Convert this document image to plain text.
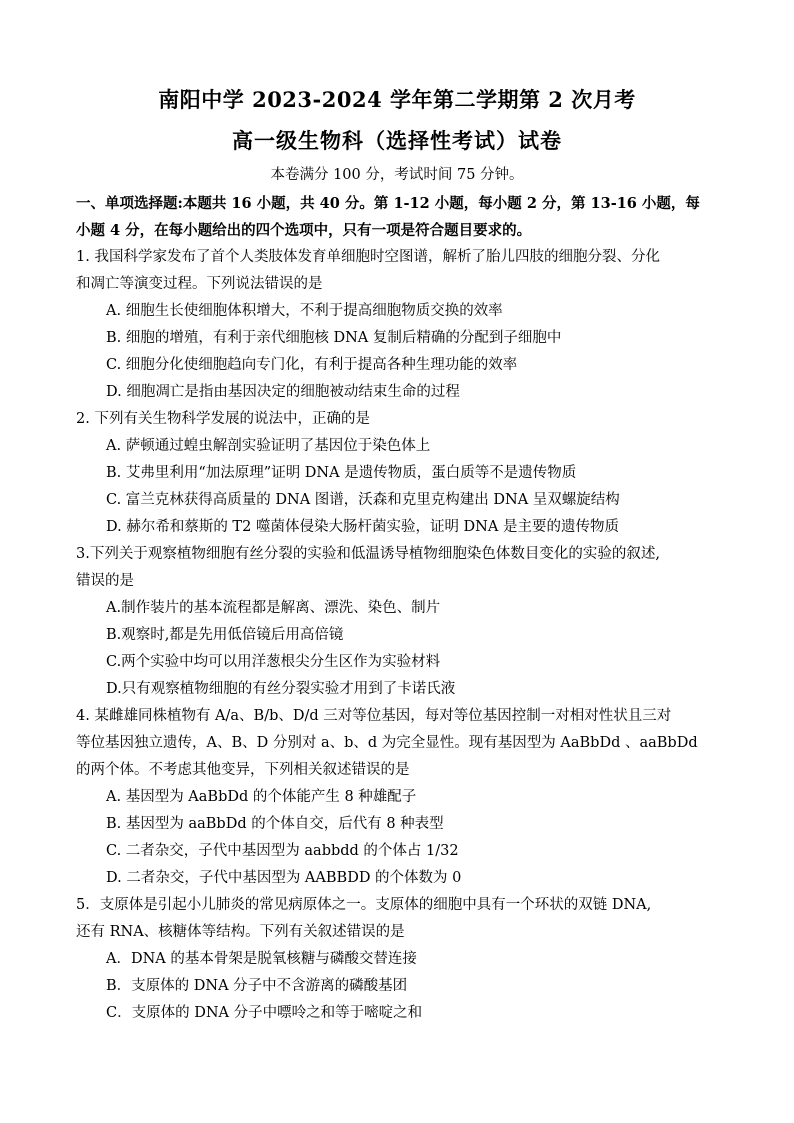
南阳中学 2023-2024 学年第二学期第 2 次月考
高一级生物科（选择性考试）试卷
本卷满分 100 分，考试时间 75 分钟。
一、单项选择题:本题共 16 小题，共 40 分。第 1-12 小题，每小题 2 分，第 13-16 小题，每
小题 4 分，在每小题给出的四个选项中，只有一项是符合题目要求的。
1. 我国科学家发布了首个人类肢体发育单细胞时空图谱，解析了胎儿四肢的细胞分裂、分化
和凋亡等演变过程。下列说法错误的是
A. 细胞生长使细胞体积增大，不利于提高细胞物质交换的效率
B. 细胞的增殖，有利于亲代细胞核 DNA 复制后精确的分配到子细胞中
C. 细胞分化使细胞趋向专门化，有利于提高各种生理功能的效率
D. 细胞凋亡是指由基因决定的细胞被动结束生命的过程
2. 下列有关生物科学发展的说法中，正确的是
A. 萨顿通过蝗虫解剖实验证明了基因位于染色体上
B. 艾弗里利用“加法原理”证明 DNA 是遗传物质，蛋白质等不是遗传物质
C. 富兰克林获得高质量的 DNA 图谱，沃森和克里克构建出 DNA 呈双螺旋结构
D. 赫尔希和蔡斯的 T2 噬菌体侵染大肠杆菌实验，证明 DNA 是主要的遗传物质
3.下列关于观察植物细胞有丝分裂的实验和低温诱导植物细胞染色体数目变化的实验的叙述,
错误的是
A.制作装片的基本流程都是解离、漂洗、染色、制片
B.观察时,都是先用低倍镜后用高倍镜
C.两个实验中均可以用洋葱根尖分生区作为实验材料
D.只有观察植物细胞的有丝分裂实验才用到了卡诺氏液
4. 某雌雄同株植物有 A/a、B/b、D/d 三对等位基因，每对等位基因控制一对相对性状且三对
等位基因独立遗传，A、B、D 分别对 a、b、d 为完全显性。现有基因型为 AaBbDd 、aaBbDd
的两个体。不考虑其他变异，下列相关叙述错误的是
A. 基因型为 AaBbDd 的个体能产生 8 种雄配子
B. 基因型为 aaBbDd 的个体自交，后代有 8 种表型
C. 二者杂交，子代中基因型为 aabbdd 的个体占 1/32
D. 二者杂交，子代中基因型为 AABBDD 的个体数为 0
5．支原体是引起小儿肺炎的常见病原体之一。支原体的细胞中具有一个环状的双链 DNA,
还有 RNA、核糖体等结构。下列有关叙述错误的是
A．DNA 的基本骨架是脱氧核糖与磷酸交替连接
B．支原体的 DNA 分子中不含游离的磷酸基团
C．支原体的 DNA 分子中嘌呤之和等于嘧啶之和
